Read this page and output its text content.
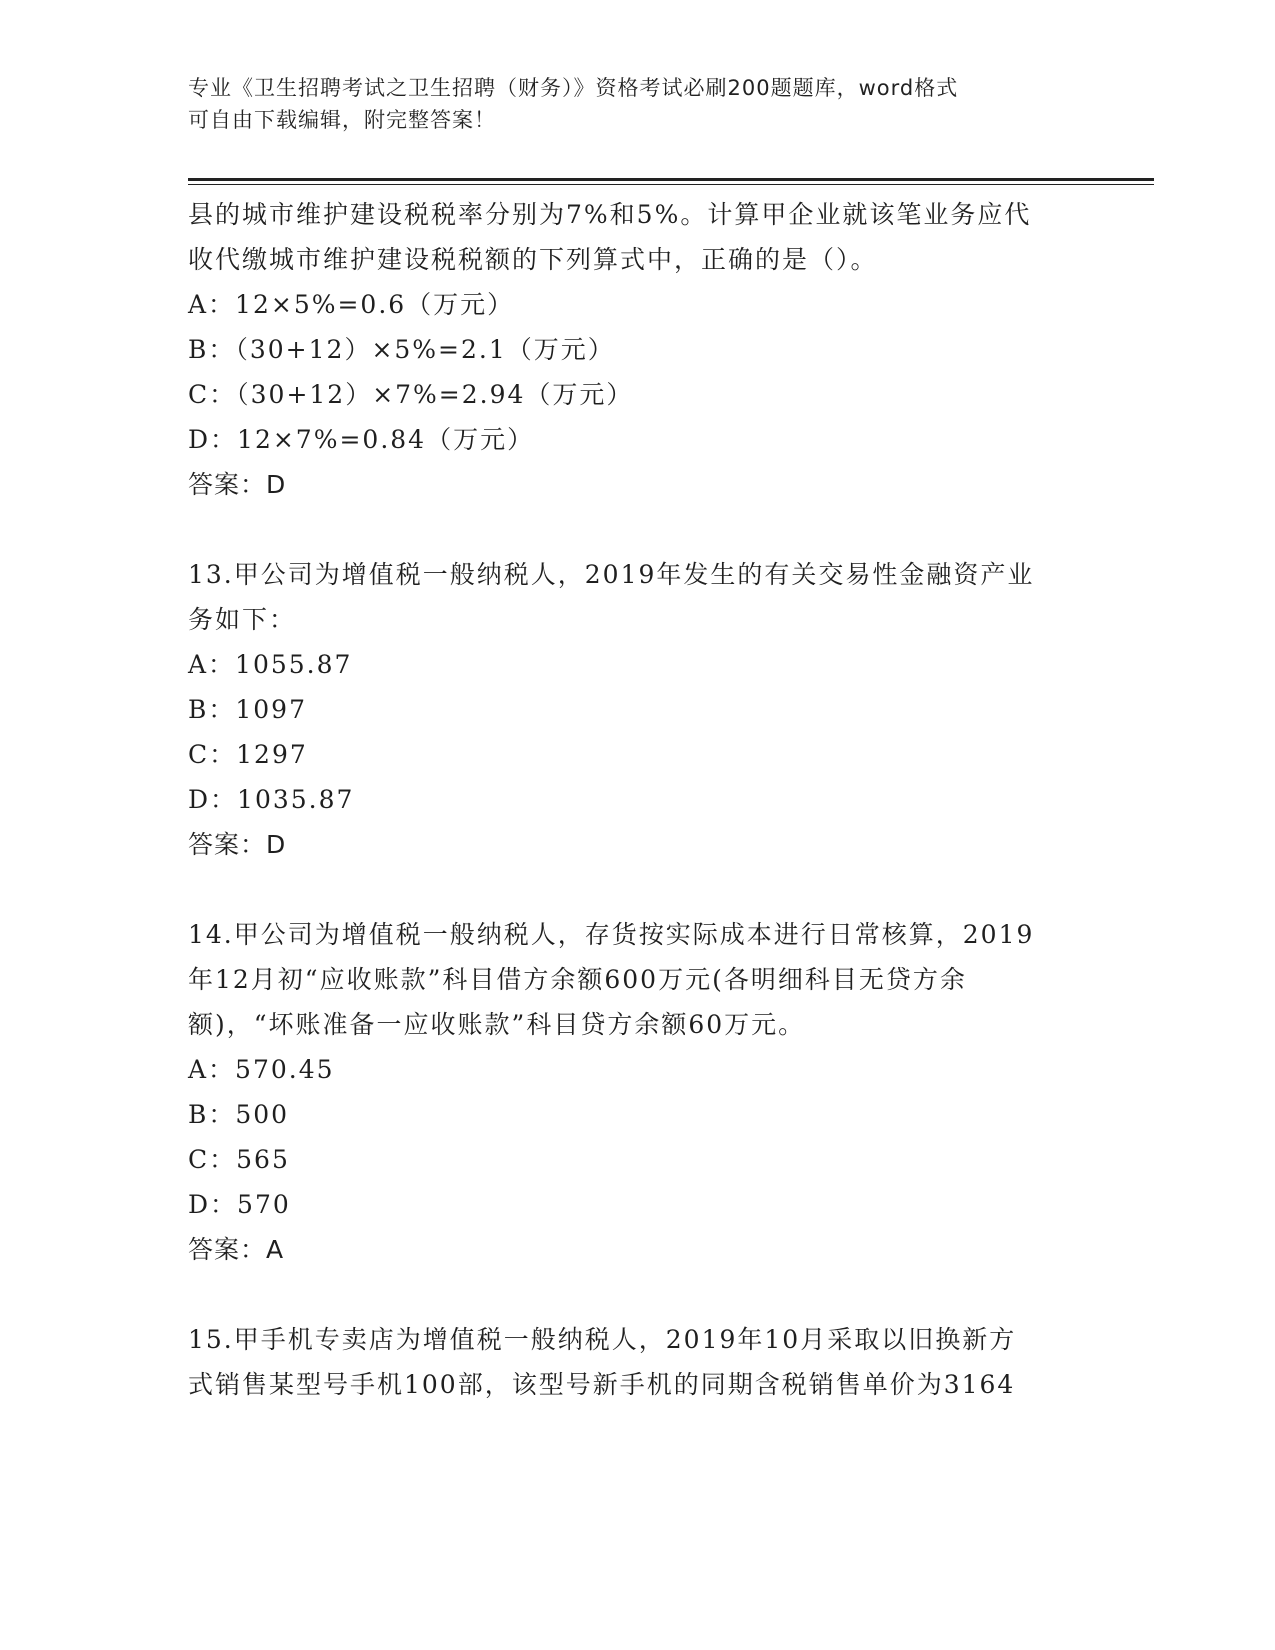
专业《卫生招聘考试之卫生招聘（财务）》资格考试必刷200题题库，word格式
可自由下载编辑，附完整答案！
县的城市维护建设税税率分别为7%和5%。计算甲企业就该笔业务应代
收代缴城市维护建设税税额的下列算式中，正确的是（）。
A：12×5%=0.6（万元）
B：（30+12）×5%=2.1（万元）
C：（30+12）×7%=2.94（万元）
D：12×7%=0.84（万元）
答案：D
13.甲公司为增值税一般纳税人，2019年发生的有关交易性金融资产业
务如下：
A：1055.87
B：1097
C：1297
D：1035.87
答案：D
14.甲公司为增值税一般纳税人，存货按实际成本进行日常核算，2019
年12月初“应收账款”科目借方余额600万元(各明细科目无贷方余
额)，“坏账准备一应收账款”科目贷方余额60万元。
A：570.45
B：500
C：565
D：570
答案：A
15.甲手机专卖店为增值税一般纳税人，2019年10月采取以旧换新方
式销售某型号手机100部，该型号新手机的同期含税销售单价为3164
